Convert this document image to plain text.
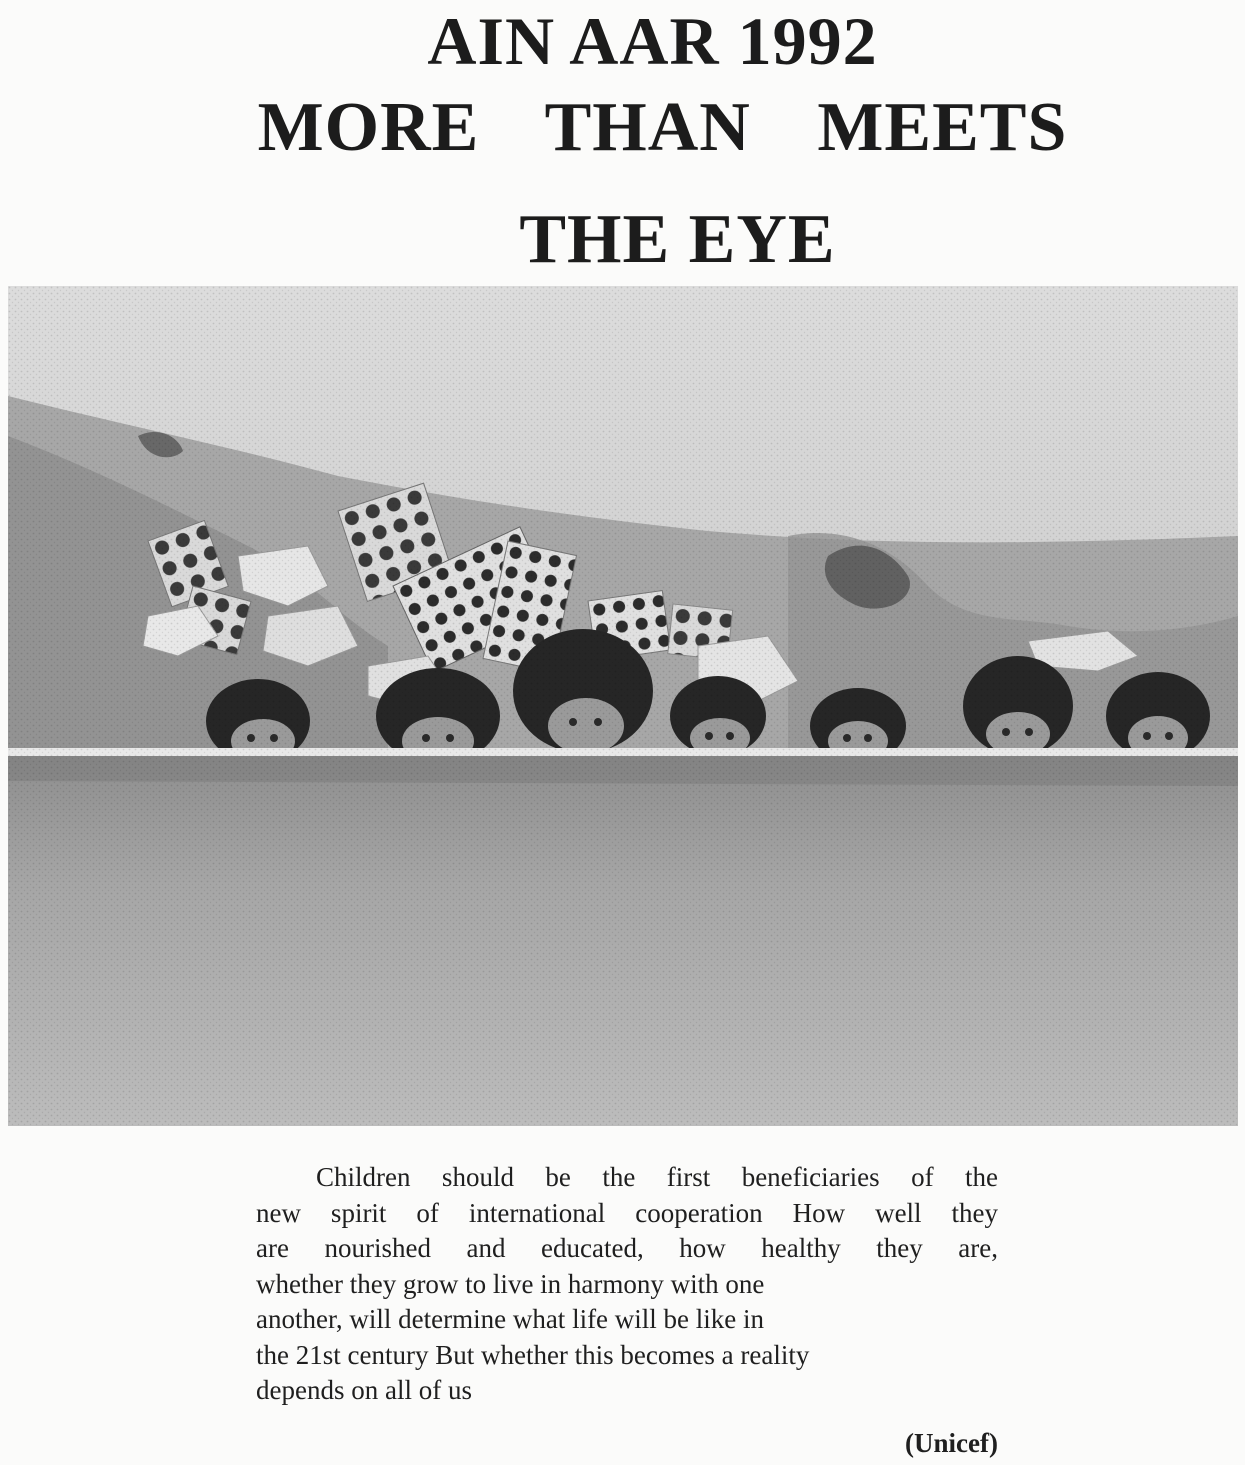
AIN AAR 1992
MORE THAN MEETS
THE EYE
Children should be the first beneficiaries of the
new spirit of international cooperation How well they
are nourished and educated, how healthy they are,
whether they grow to live in harmony with one
another, will determine what life will be like in
the 21st century But whether this becomes a reality
depends on all of us
(Unicef)
